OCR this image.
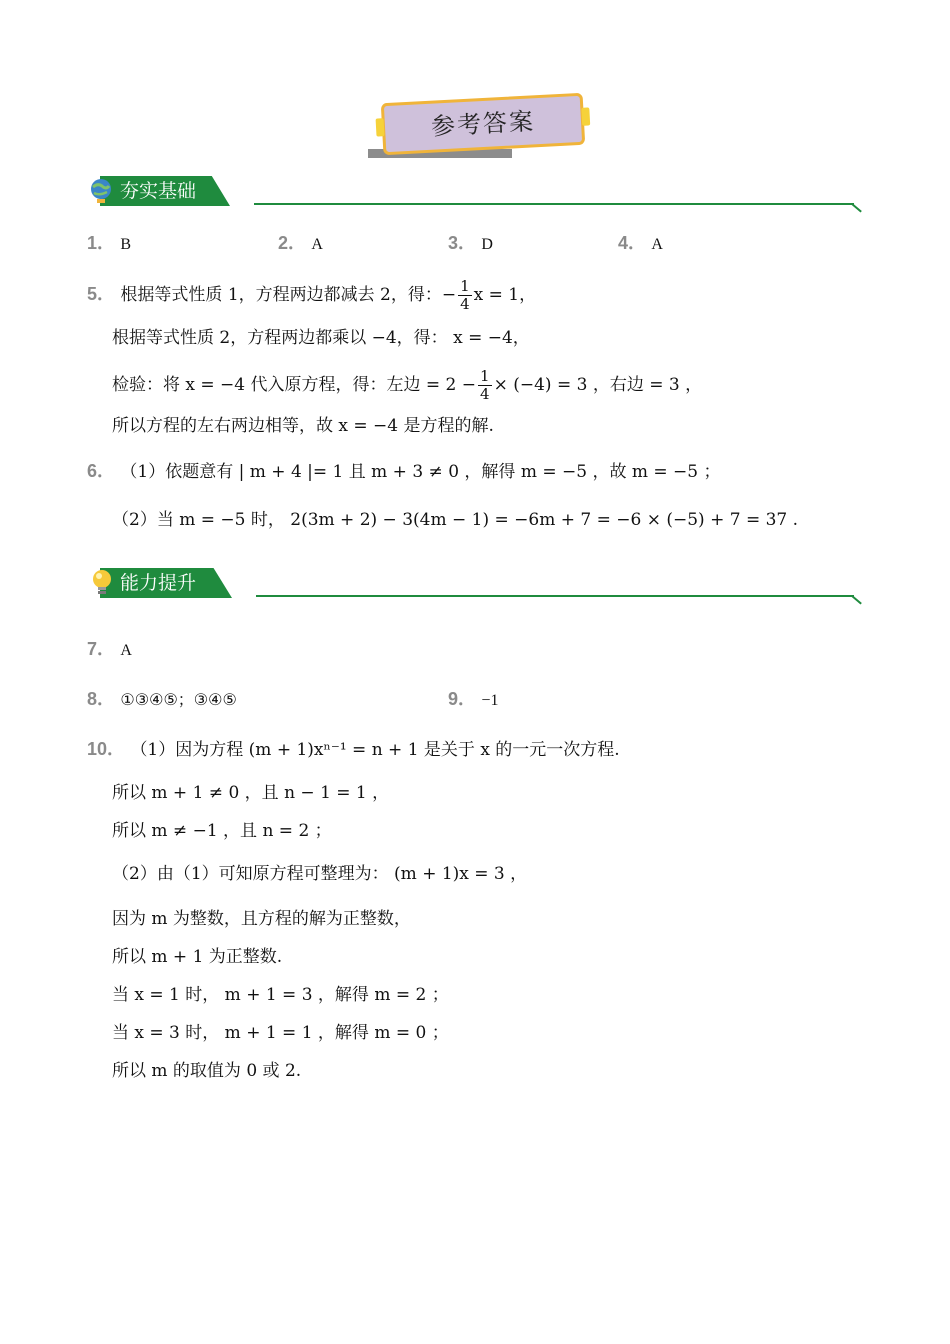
参考答案
夯实基础
1． B	2． A	3． D	4． A
5． 根据等式性质 1，方程两边都减去 2，得：− $\frac{1}{4}$ x = 1，
根据等式性质 2，方程两边都乘以 −4，得： x = −4，
检验：将 x = −4 代入原方程，得：左边 = $2 - \frac{1}{4} \times (-4) = 3$ ，右边 = 3 ，
所以方程的左右两边相等，故 x = −4 是方程的解.
6． （1）依题意有 | m + 4 |= 1 且 m + 3 ≠ 0 ，解得 m = −5 ，故 m = −5 ；
（2）当 m = −5 时， 2(3m + 2) − 3(4m − 1) = −6m + 7 = −6 × (−5) + 7 = 37 .
能力提升
7． A
8． ①③④⑤；③④⑤	9． −1
10． （1）因为方程 (m + 1)xⁿ⁻¹ = n + 1 是关于 x 的一元一次方程.
所以 m + 1 ≠ 0 ，且 n − 1 = 1 ，
所以 m ≠ −1 ，且 n = 2 ；
（2）由（1）可知原方程可整理为： (m + 1)x = 3 ，
因为 m 为整数，且方程的解为正整数，
所以 m + 1 为正整数.
当 x = 1 时， m + 1 = 3 ，解得 m = 2 ；
当 x = 3 时， m + 1 = 1 ，解得 m = 0 ；
所以 m 的取值为 0 或 2.
